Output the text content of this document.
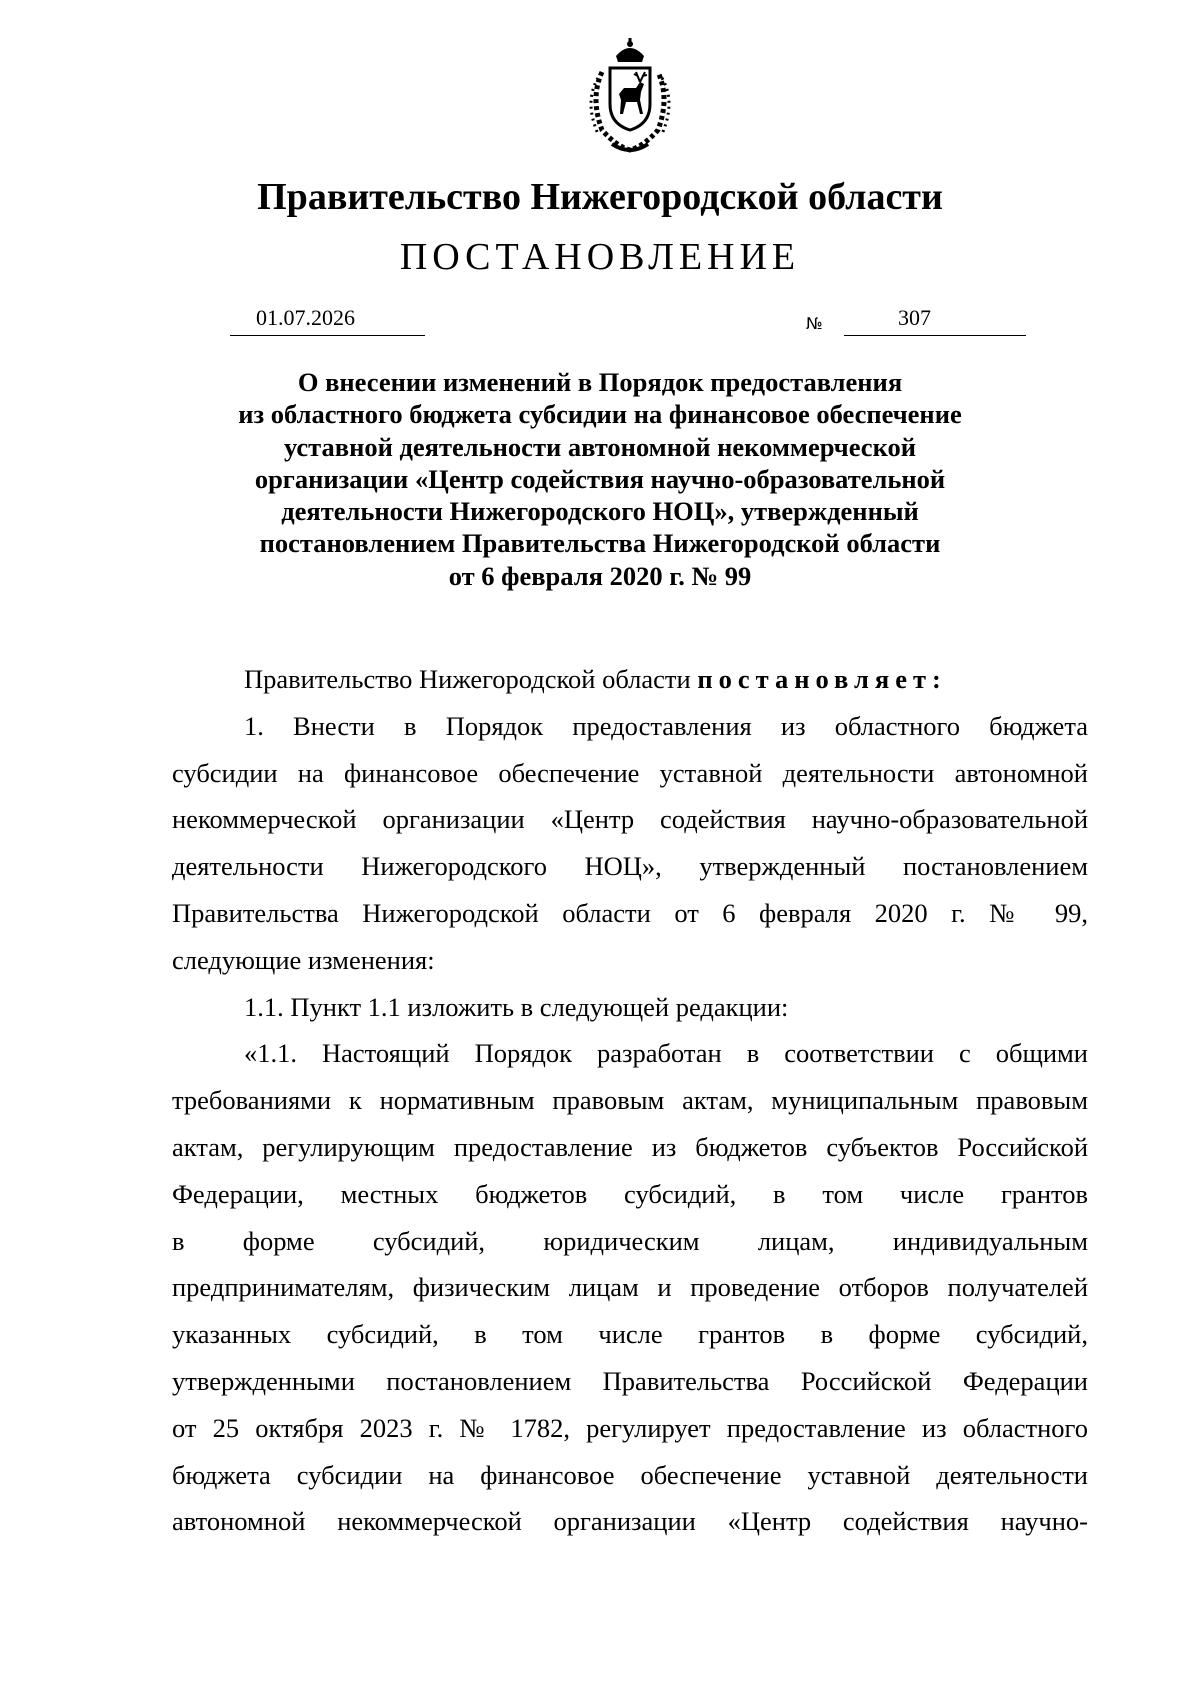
Правительство Нижегородской области
ПОСТАНОВЛЕНИЕ
01.07.2026	№	307
О внесении изменений в Порядок предоставления
из областного бюджета субсидии на финансовое обеспечение
уставной деятельности автономной некоммерческой
организации «Центр содействия научно-образовательной
деятельности Нижегородского НОЦ», утвержденный
постановлением Правительства Нижегородской области
от 6 февраля 2020 г. № 99
Правительство Нижегородской области постановляет:
1. Внести в Порядок предоставления из областного бюджета
субсидии на финансовое обеспечение уставной деятельности автономной
некоммерческой организации «Центр содействия научно-образовательной
деятельности Нижегородского НОЦ», утвержденный постановлением
Правительства Нижегородской области от 6 февраля 2020 г. № 99,
следующие изменения:
1.1. Пункт 1.1 изложить в следующей редакции:
«1.1. Настоящий Порядок разработан в соответствии с общими
требованиями к нормативным правовым актам, муниципальным правовым
актам, регулирующим предоставление из бюджетов субъектов Российской
Федерации, местных бюджетов субсидий, в том числе грантов
в форме субсидий, юридическим лицам, индивидуальным
предпринимателям, физическим лицам и проведение отборов получателей
указанных субсидий, в том числе грантов в форме субсидий,
утвержденными постановлением Правительства Российской Федерации
от 25 октября 2023 г. № 1782, регулирует предоставление из областного
бюджета субсидии на финансовое обеспечение уставной деятельности
автономной некоммерческой организации «Центр содействия научно-
